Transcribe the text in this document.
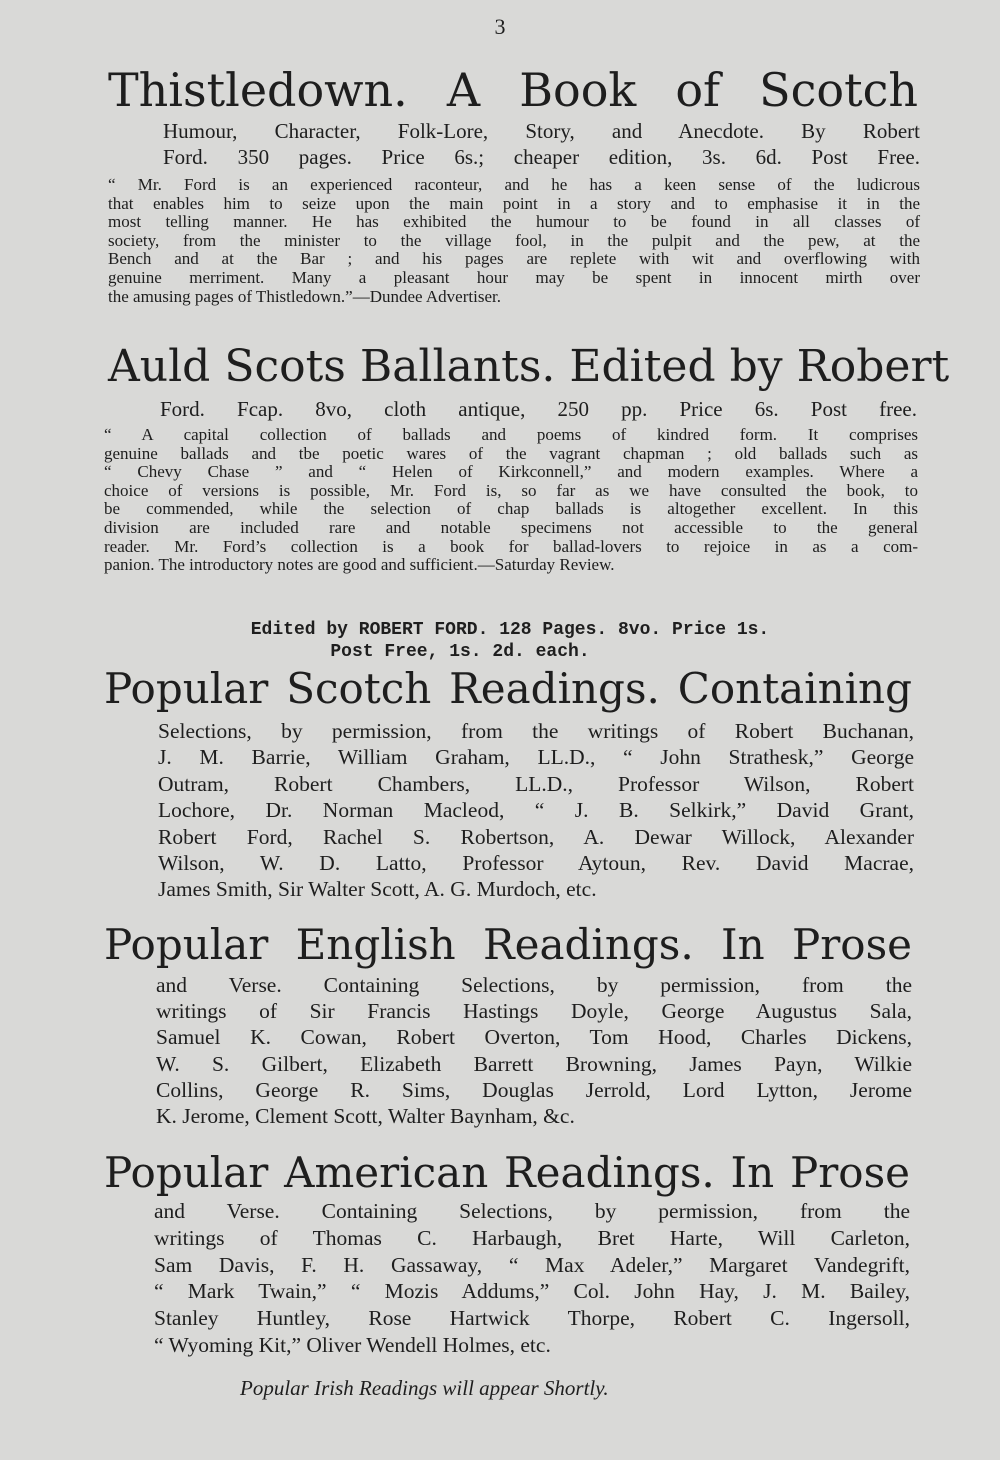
3
Thistledown. A Book of Scotch
Humour, Character, Folk-Lore, Story, and Anecdote. By Robert
Ford. 350 pages. Price 6s.; cheaper edition, 3s. 6d. Post Free.
“ Mr. Ford is an experienced raconteur, and he has a keen sense of the ludicrous
that enables him to seize upon the main point in a story and to emphasise it in the
most telling manner. He has exhibited the humour to be found in all classes of
society, from the minister to the village fool, in the pulpit and the pew, at the
Bench and at the Bar ; and his pages are replete with wit and overflowing with
genuine merriment. Many a pleasant hour may be spent in innocent mirth over
the amusing pages of Thistledown.”—Dundee Advertiser.
Auld Scots Ballants. Edited by Robert
Ford. Fcap. 8vo, cloth antique, 250 pp. Price 6s. Post free.
“ A capital collection of ballads and poems of kindred form. It comprises
genuine ballads and tbe poetic wares of the vagrant chapman ; old ballads such as
“ Chevy Chase ” and “ Helen of Kirkconnell,” and modern examples. Where a
choice of versions is possible, Mr. Ford is, so far as we have consulted the book, to
be commended, while the selection of chap ballads is altogether excellent. In this
division are included rare and notable specimens not accessible to the general
reader. Mr. Ford’s collection is a book for ballad-lovers to rejoice in as a com-
panion. The introductory notes are good and sufficient.—Saturday Review.
Edited by ROBERT FORD. 128 Pages. 8vo. Price 1s.
Post Free, 1s. 2d. each.
Popular Scotch Readings. Containing
Selections, by permission, from the writings of Robert Buchanan,
J. M. Barrie, William Graham, LL.D., “ John Strathesk,” George
Outram, Robert Chambers, LL.D., Professor Wilson, Robert
Lochore, Dr. Norman Macleod, “ J. B. Selkirk,” David Grant,
Robert Ford, Rachel S. Robertson, A. Dewar Willock, Alexander
Wilson, W. D. Latto, Professor Aytoun, Rev. David Macrae,
James Smith, Sir Walter Scott, A. G. Murdoch, etc.
Popular English Readings. In Prose
and Verse. Containing Selections, by permission, from the
writings of Sir Francis Hastings Doyle, George Augustus Sala,
Samuel K. Cowan, Robert Overton, Tom Hood, Charles Dickens,
W. S. Gilbert, Elizabeth Barrett Browning, James Payn, Wilkie
Collins, George R. Sims, Douglas Jerrold, Lord Lytton, Jerome
K. Jerome, Clement Scott, Walter Baynham, &c.
Popular American Readings. In Prose
and Verse. Containing Selections, by permission, from the
writings of Thomas C. Harbaugh, Bret Harte, Will Carleton,
Sam Davis, F. H. Gassaway, “ Max Adeler,” Margaret Vandegrift,
“ Mark Twain,” “ Mozis Addums,” Col. John Hay, J. M. Bailey,
Stanley Huntley, Rose Hartwick Thorpe, Robert C. Ingersoll,
“ Wyoming Kit,” Oliver Wendell Holmes, etc.
Popular Irish Readings will appear Shortly.
